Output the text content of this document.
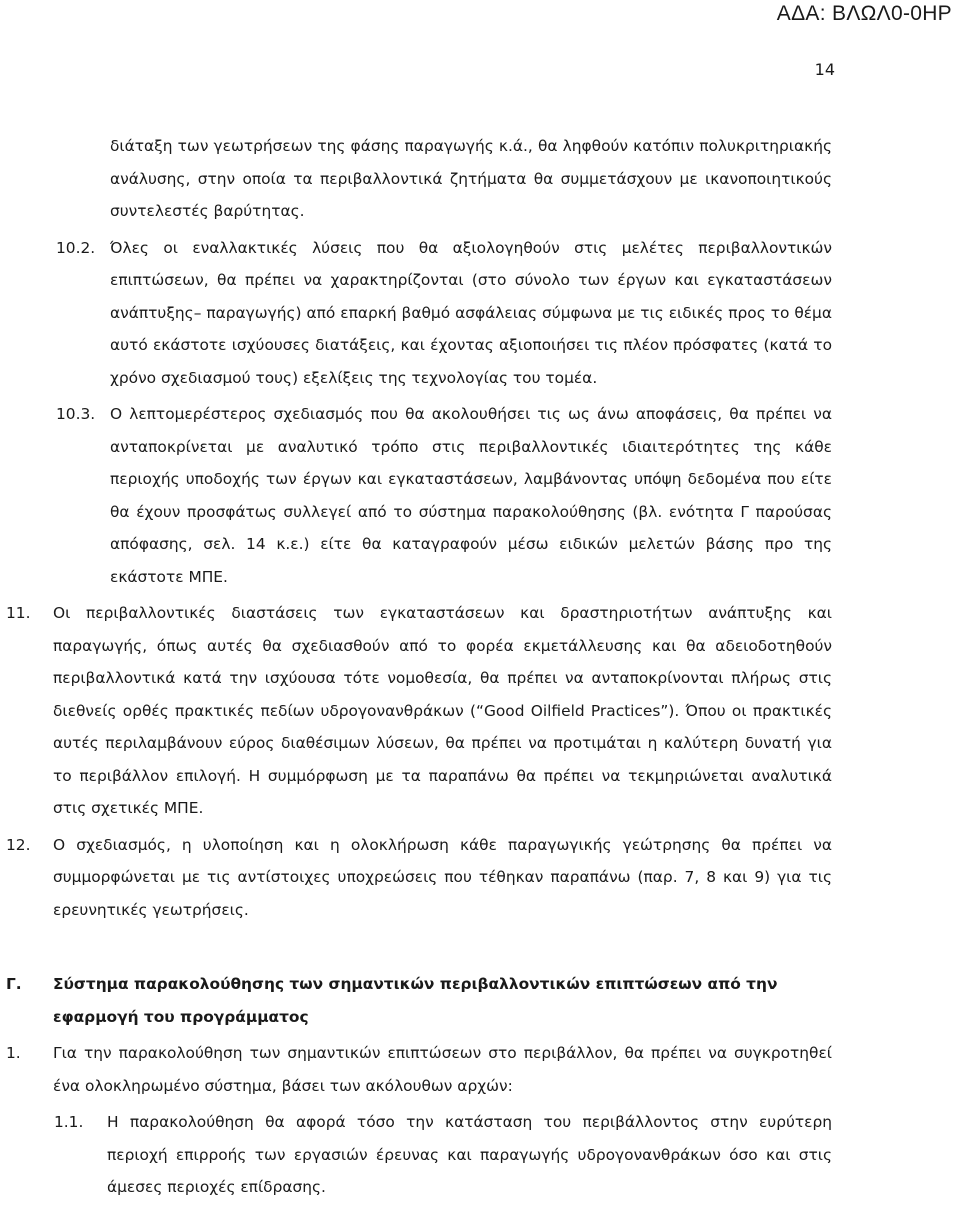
ΑΔΑ: ΒΛΩΛ0-0ΗΡ
14

διάταξη των γεωτρήσεων της φάσης παραγωγής κ.ά., θα ληφθούν κατόπιν πολυκριτηριακής ανάλυσης, στην οποία τα περιβαλλοντικά ζητήματα θα συμμετάσχουν με ικανοποιητικούς συντελεστές βαρύτητας.

10.2. Όλες οι εναλλακτικές λύσεις που θα αξιολογηθούν στις μελέτες περιβαλλοντικών επιπτώσεων, θα πρέπει να χαρακτηρίζονται (στο σύνολο των έργων και εγκαταστάσεων ανάπτυξης– παραγωγής) από επαρκή βαθμό ασφάλειας σύμφωνα με τις ειδικές προς το θέμα αυτό εκάστοτε ισχύουσες διατάξεις, και έχοντας αξιοποιήσει τις πλέον πρόσφατες (κατά το χρόνο σχεδιασμού τους) εξελίξεις της τεχνολογίας του τομέα.
10.3. Ο λεπτομερέστερος σχεδιασμός που θα ακολουθήσει τις ως άνω αποφάσεις, θα πρέπει να ανταποκρίνεται με αναλυτικό τρόπο στις περιβαλλοντικές ιδιαιτερότητες της κάθε περιοχής υποδοχής των έργων και εγκαταστάσεων, λαμβάνοντας υπόψη δεδομένα που είτε θα έχουν προσφάτως συλλεγεί από το σύστημα παρακολούθησης (βλ. ενότητα Γ παρούσας απόφασης, σελ. 14 κ.ε.) είτε θα καταγραφούν μέσω ειδικών μελετών βάσης προ της εκάστοτε ΜΠΕ.
11. Οι περιβαλλοντικές διαστάσεις των εγκαταστάσεων και δραστηριοτήτων ανάπτυξης και παραγωγής, όπως αυτές θα σχεδιασθούν από το φορέα εκμετάλλευσης και θα αδειοδοτηθούν περιβαλλοντικά κατά την ισχύουσα τότε νομοθεσία, θα πρέπει να ανταποκρίνονται πλήρως στις διεθνείς ορθές πρακτικές πεδίων υδρογονανθράκων (“Good Oilfield Practices”). Όπου οι πρακτικές αυτές περιλαμβάνουν εύρος διαθέσιμων λύσεων, θα πρέπει να προτιμάται η καλύτερη δυνατή για το περιβάλλον επιλογή. Η συμμόρφωση με τα παραπάνω θα πρέπει να τεκμηριώνεται αναλυτικά στις σχετικές ΜΠΕ.
12. Ο σχεδιασμός, η υλοποίηση και η ολοκλήρωση κάθε παραγωγικής γεώτρησης θα πρέπει να συμμορφώνεται με τις αντίστοιχες υποχρεώσεις που τέθηκαν παραπάνω (παρ. 7, 8 και 9) για τις ερευνητικές γεωτρήσεις.
Γ. Σύστημα παρακολούθησης των σημαντικών περιβαλλοντικών επιπτώσεων από την εφαρμογή του προγράμματος
1. Για την παρακολούθηση των σημαντικών επιπτώσεων στο περιβάλλον, θα πρέπει να συγκροτηθεί ένα ολοκληρωμένο σύστημα, βάσει των ακόλουθων αρχών:
1.1. Η παρακολούθηση θα αφορά τόσο την κατάσταση του περιβάλλοντος στην ευρύτερη περιοχή επιρροής των εργασιών έρευνας και παραγωγής υδρογονανθράκων όσο και στις άμεσες περιοχές επίδρασης.
